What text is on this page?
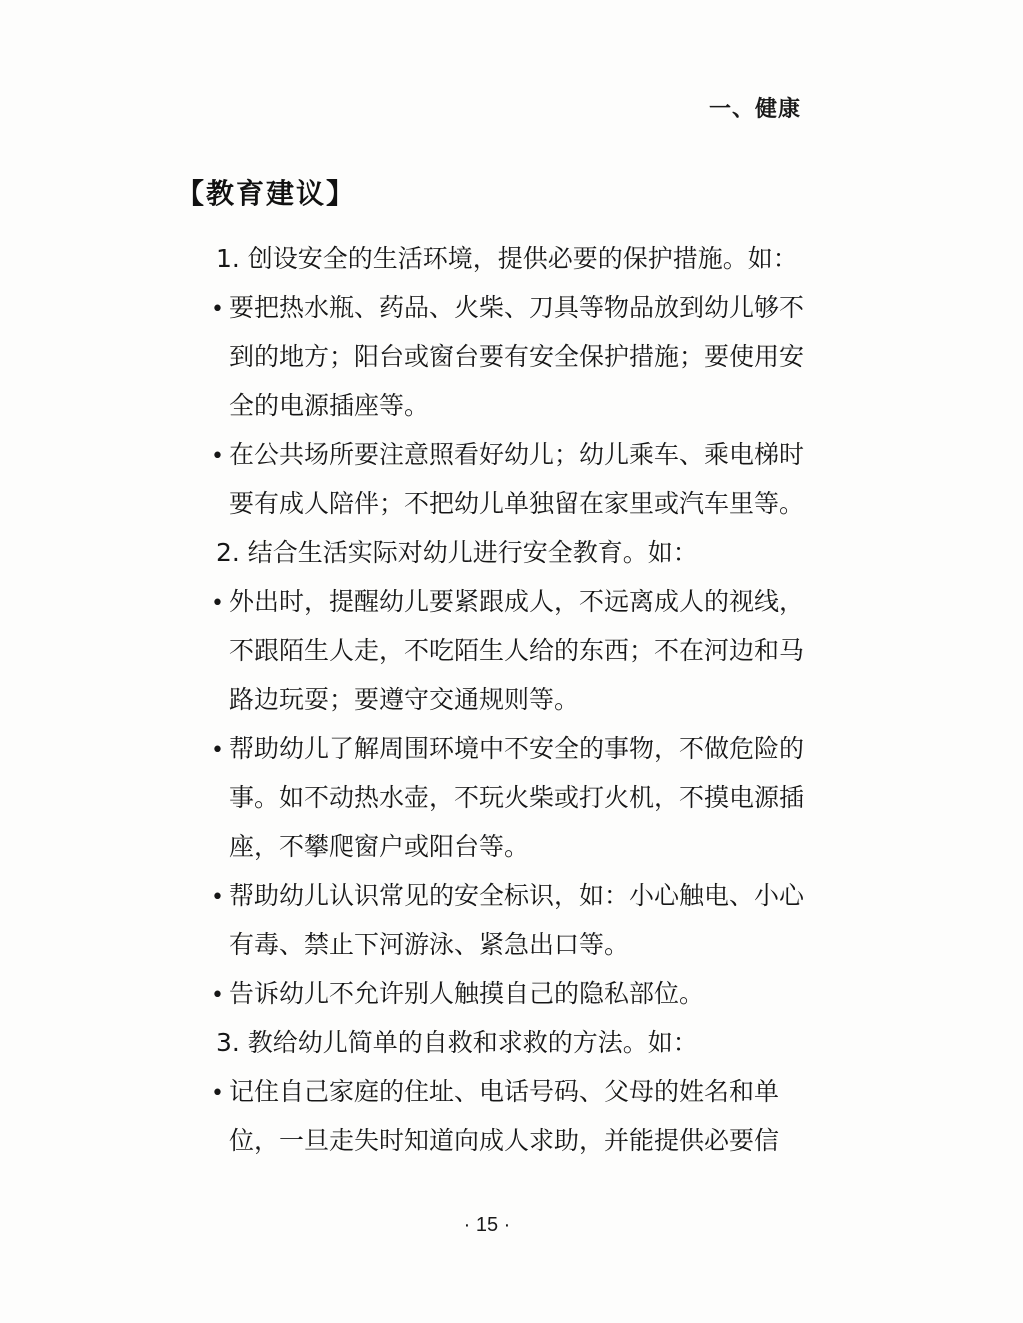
一、健康
【教育建议】
1. 创设安全的生活环境，提供必要的保护措施。如：
• 要把热水瓶、药品、火柴、刀具等物品放到幼儿够不
到的地方；阳台或窗台要有安全保护措施；要使用安
全的电源插座等。
• 在公共场所要注意照看好幼儿；幼儿乘车、乘电梯时
要有成人陪伴；不把幼儿单独留在家里或汽车里等。
2. 结合生活实际对幼儿进行安全教育。如：
• 外出时，提醒幼儿要紧跟成人，不远离成人的视线，
不跟陌生人走，不吃陌生人给的东西；不在河边和马
路边玩耍；要遵守交通规则等。
• 帮助幼儿了解周围环境中不安全的事物，不做危险的
事。如不动热水壶，不玩火柴或打火机，不摸电源插
座，不攀爬窗户或阳台等。
• 帮助幼儿认识常见的安全标识，如：小心触电、小心
有毒、禁止下河游泳、紧急出口等。
• 告诉幼儿不允许别人触摸自己的隐私部位。
3. 教给幼儿简单的自救和求救的方法。如：
• 记住自己家庭的住址、电话号码、父母的姓名和单
位，一旦走失时知道向成人求助，并能提供必要信
· 15 ·
